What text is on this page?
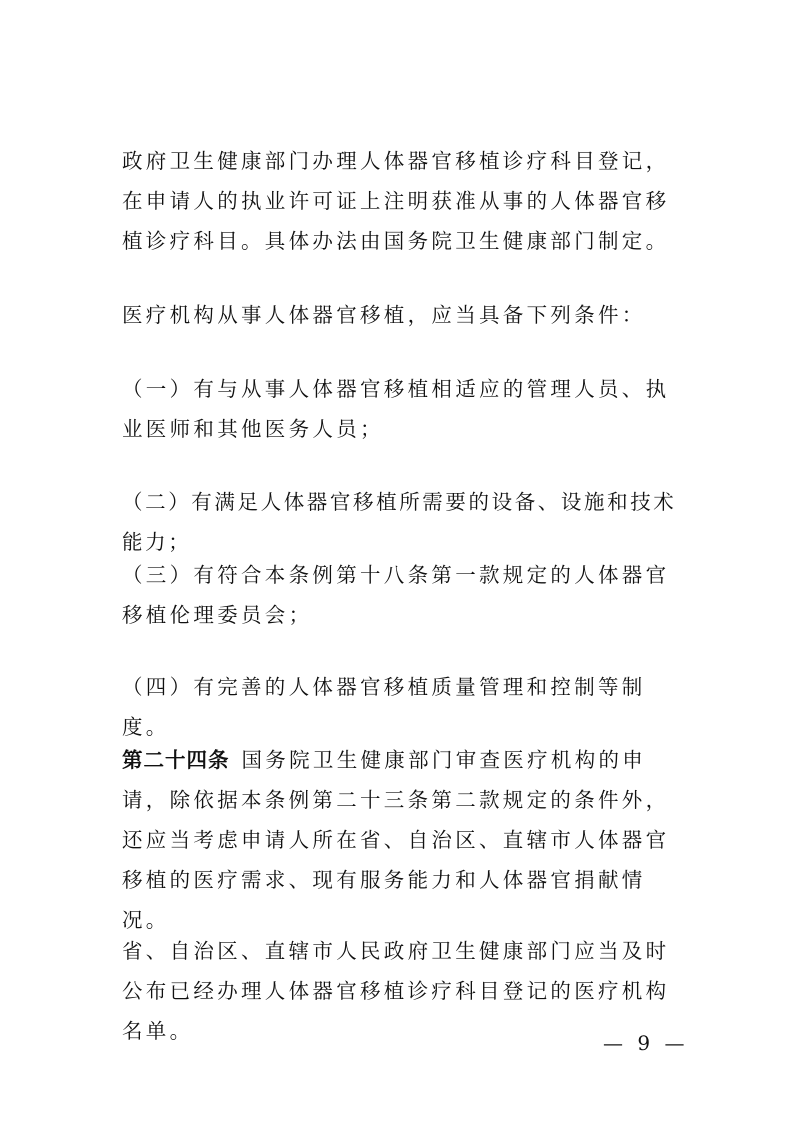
政府卫生健康部门办理人体器官移植诊疗科目登记，在申请人的执业许可证上注明获准从事的人体器官移植诊疗科目。具体办法由国务院卫生健康部门制定。

医疗机构从事人体器官移植，应当具备下列条件：

（一）有与从事人体器官移植相适应的管理人员、执业医师和其他医务人员；

（二）有满足人体器官移植所需要的设备、设施和技术能力；

（三）有符合本条例第十八条第一款规定的人体器官移植伦理委员会；

（四）有完善的人体器官移植质量管理和控制等制度。

第二十四条 国务院卫生健康部门审查医疗机构的申请，除依据本条例第二十三条第二款规定的条件外，还应当考虑申请人所在省、自治区、直辖市人体器官移植的医疗需求、现有服务能力和人体器官捐献情况。

省、自治区、直辖市人民政府卫生健康部门应当及时公布已经办理人体器官移植诊疗科目登记的医疗机构名单。	— 9 —
